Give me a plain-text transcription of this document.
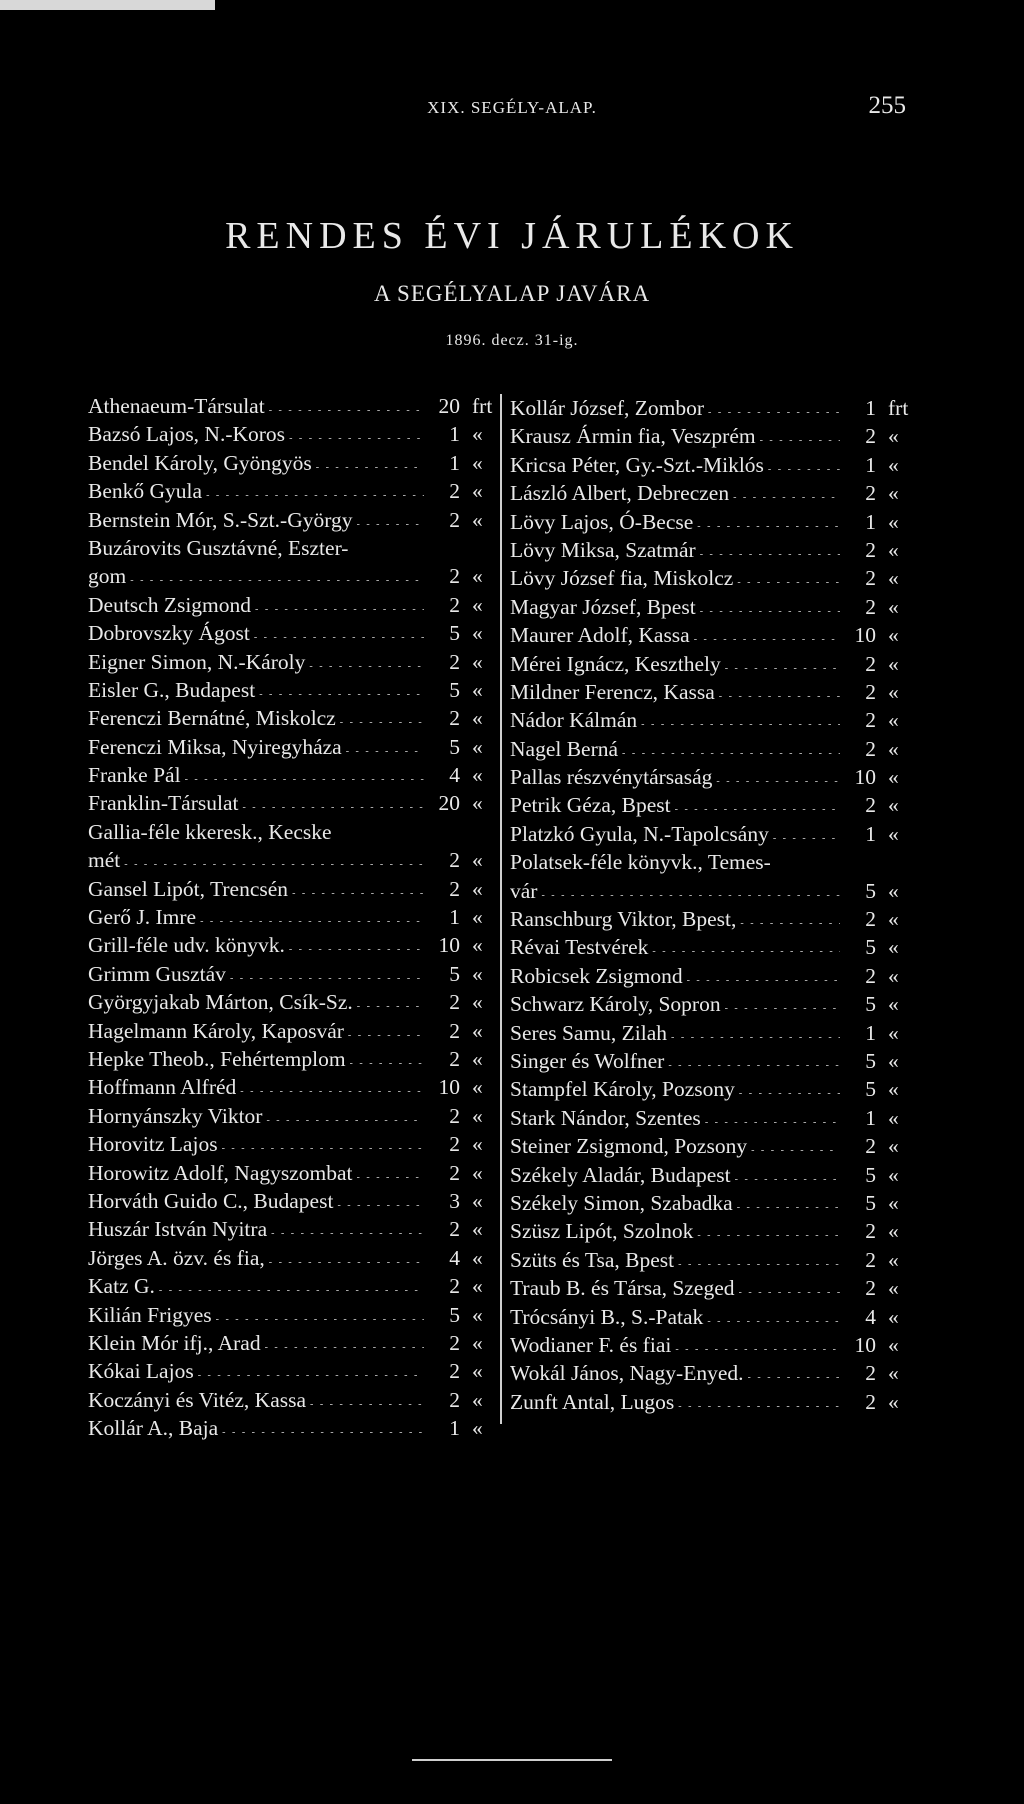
XIX. SEGÉLY-ALAP.	255
RENDES ÉVI JÁRULÉKOK
A SEGÉLYALAP JAVÁRA
1896. decz. 31-ig.
Athenaeum-Társulat - - -	20 frt
Bazsó Lajos, N.-Koros - - -	1 «
Bendel Károly, Gyöngyös - - -	1 «
Benkő Gyula - - -	2 «
Bernstein Mór, S.-Szt.-György - - -	2 «
Buzárovits Gusztávné, Eszter-
gom - - -	2 «
Deutsch Zsigmond - - -	2 «
Dobrovszky Ágost - - -	5 «
Eigner Simon, N.-Károly - - -	2 «
Eisler G., Budapest - - -	5 «
Ferenczi Bernátné, Miskolcz - - -	2 «
Ferenczi Miksa, Nyiregyháza - - -	5 «
Franke Pál - - -	4 «
Franklin-Társulat - - -	20 «
Gallia-féle kkeresk., Kecske
mét - - -	2 «
Gansel Lipót, Trencsén - - -	2 «
Gerő J. Imre - - -	1 «
Grill-féle udv. könyvk. - - -	10 «
Grimm Gusztáv - - -	5 «
Györgyjakab Márton, Csík-Sz. - - -	2 «
Hagelmann Károly, Kaposvár - - -	2 «
Hepke Theob., Fehértemplom - - -	2 «
Hoffmann Alfréd - - -	10 «
Hornyánszky Viktor - - -	2 «
Horovitz Lajos - - -	2 «
Horowitz Adolf, Nagyszombat - - -	2 «
Horváth Guido C., Budapest - - -	3 «
Huszár István Nyitra - - -	2 «
Jörges A. özv. és fia, - - -	4 «
Katz G. - - -	2 «
Kilián Frigyes - - -	5 «
Klein Mór ifj., Arad - - -	2 «
Kókai Lajos - - -	2 «
Koczányi és Vitéz, Kassa - - -	2 «
Kollár A., Baja - - -	1 «
Kollár József, Zombor - - -	1 frt
Krausz Ármin fia, Veszprém - - -	2 «
Kricsa Péter, Gy.-Szt.-Miklós - - -	1 «
László Albert, Debreczen - - -	2 «
Lövy Lajos, Ó-Becse - - -	1 «
Lövy Miksa, Szatmár - - -	2 «
Lövy József fia, Miskolcz - - -	2 «
Magyar József, Bpest - - -	2 «
Maurer Adolf, Kassa - - -	10 «
Mérei Ignácz, Keszthely - - -	2 «
Mildner Ferencz, Kassa - - -	2 «
Nádor Kálmán - - -	2 «
Nagel Berná - - -	2 «
Pallas részvénytársaság - - -	10 «
Petrik Géza, Bpest - - -	2 «
Platzkó Gyula, N.-Tapolcsány - - -	1 «
Polatsek-féle könyvk., Temes-
vár - - -	5 «
Ranschburg Viktor, Bpest, - - -	2 «
Révai Testvérek - - -	5 «
Robicsek Zsigmond - - -	2 «
Schwarz Károly, Sopron - - -	5 «
Seres Samu, Zilah - - -	1 «
Singer és Wolfner - - -	5 «
Stampfel Károly, Pozsony - - -	5 «
Stark Nándor, Szentes - - -	1 «
Steiner Zsigmond, Pozsony - - -	2 «
Székely Aladár, Budapest - - -	5 «
Székely Simon, Szabadka - - -	5 «
Szüsz Lipót, Szolnok - - -	2 «
Szüts és Tsa, Bpest - - -	2 «
Traub B. és Társa, Szeged - - -	2 «
Trócsányi B., S.-Patak - - -	4 «
Wodianer F. és fiai - - -	10 «
Wokál János, Nagy-Enyed. - - -	2 «
Zunft Antal, Lugos - - -	2 «
